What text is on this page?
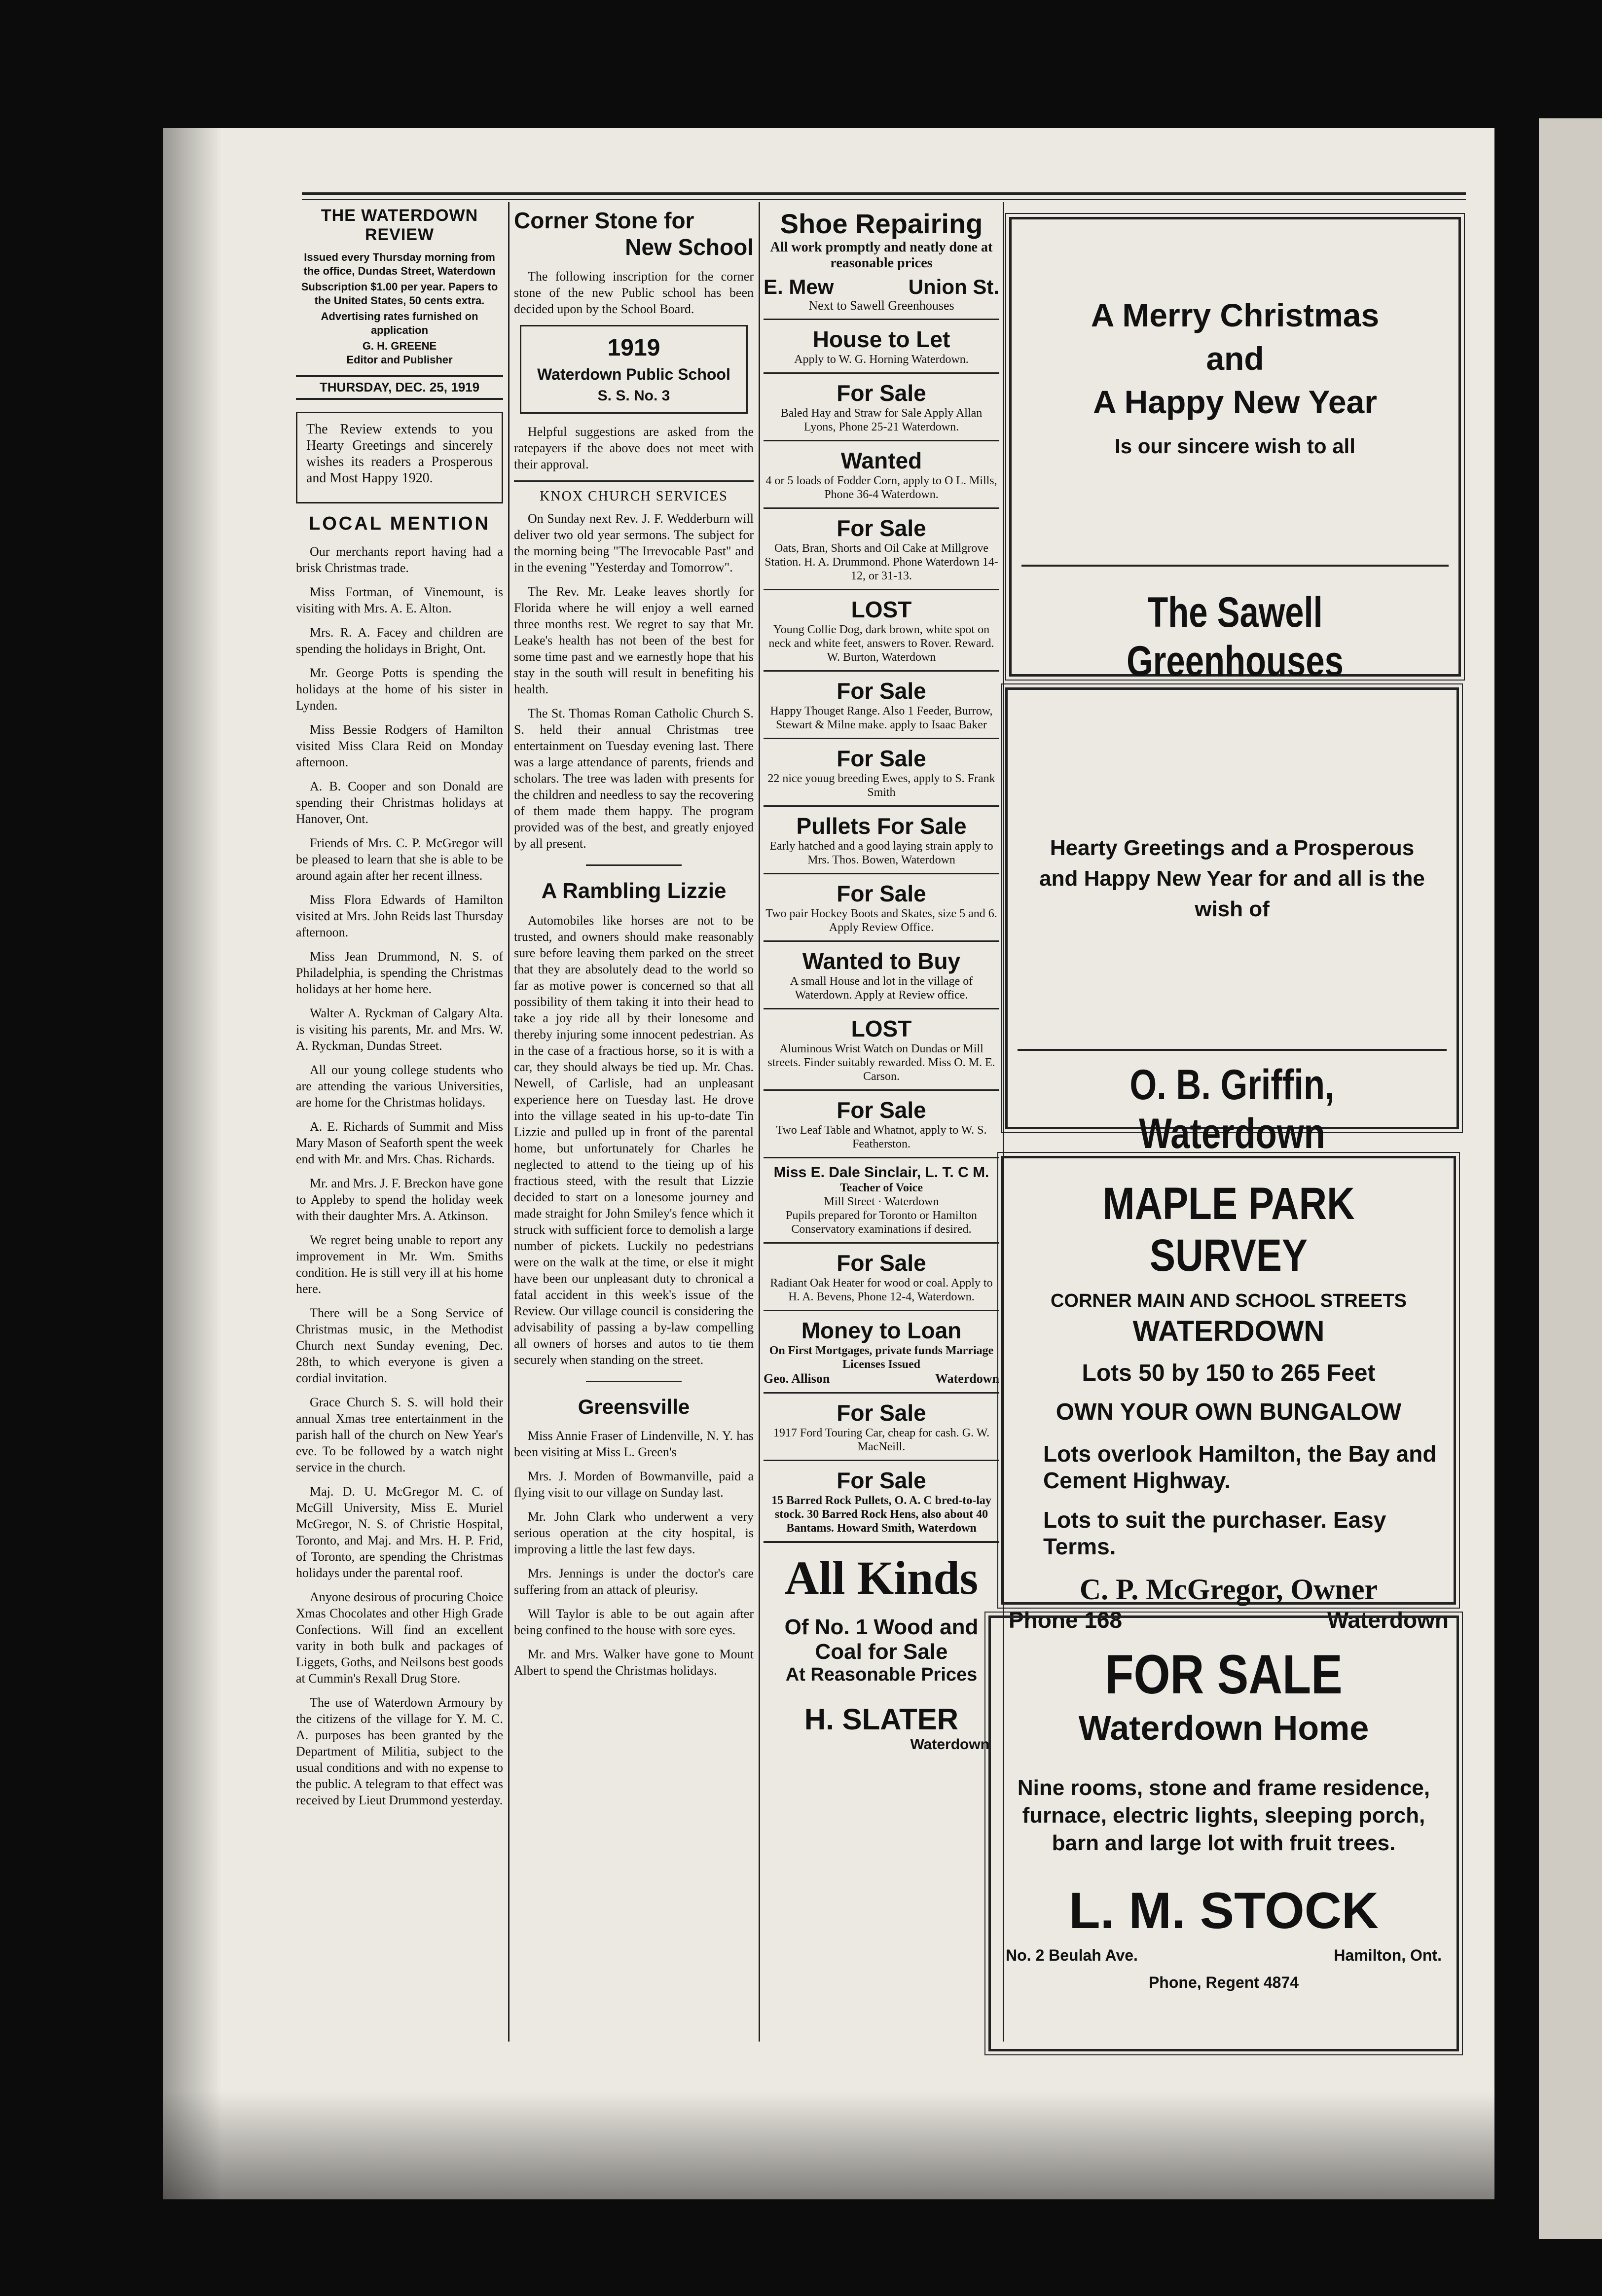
THE WATERDOWN REVIEW
Issued every Thursday morning from the office, Dundas Street, Waterdown
Subscription $1.00 per year. Papers to the United States, 50 cents extra.
Advertising rates furnished on application
G. H. GREENE
Editor and Publisher
THURSDAY, DEC. 25, 1919

The Review extends to you Hearty Greetings and sincerely wishes its readers a Prosperous and Most Happy 1920.

LOCAL MENTION

Our merchants report having had a brisk Christmas trade.

Miss Fortman, of Vinemount, is visiting with Mrs. A. E. Alton.

Mrs. R. A. Facey and children are spending the holidays in Bright, Ont.

Mr. George Potts is spending the holidays at the home of his sister in Lynden.

Miss Bessie Rodgers of Hamilton visited Miss Clara Reid on Monday afternoon.

A. B. Cooper and son Donald are spending their Christmas holidays at Hanover, Ont.

Friends of Mrs. C. P. McGregor will be pleased to learn that she is able to be around again after her recent illness.

Miss Flora Edwards of Hamilton visited at Mrs. John Reids last Thursday afternoon.

Miss Jean Drummond, N. S. of Philadelphia, is spending the Christmas holidays at her home here.

Walter A. Ryckman of Calgary Alta. is visiting his parents, Mr. and Mrs. W. A. Ryckman, Dundas Street.

All our young college students who are attending the various Universities, are home for the Christmas holidays.

A. E. Richards of Summit and Miss Mary Mason of Seaforth spent the week end with Mr. and Mrs. Chas. Richards.

Mr. and Mrs. J. F. Breckon have gone to Appleby to spend the holiday week with their daughter Mrs. A. Atkinson.

We regret being unable to report any improvement in Mr. Wm. Smiths condition. He is still very ill at his home here.

There will be a Song Service of Christmas music, in the Methodist Church next Sunday evening, Dec. 28th, to which everyone is given a cordial invitation.

Grace Church S. S. will hold their annual Xmas tree entertainment in the parish hall of the church on New Year's eve. To be followed by a watch night service in the church.

Maj. D. U. McGregor M. C. of McGill University, Miss E. Muriel McGregor, N. S. of Christie Hospital, Toronto, and Maj. and Mrs. H. P. Frid, of Toronto, are spending the Christmas holidays under the parental roof.

Anyone desirous of procuring Choice Xmas Chocolates and other High Grade Confections. Will find an excellent varity in both bulk and packages of Liggets, Goths, and Neilsons best goods at Cummin's Rexall Drug Store.

The use of Waterdown Armoury by the citizens of the village for Y. M. C. A. purposes has been granted by the Department of Militia, subject to the usual conditions and with no expense to the public. A telegram to that effect was received by Lieut Drummond yesterday.

Corner Stone for
New School

The following inscription for the corner stone of the new Public school has been decided upon by the School Board.

1919
Waterdown Public School
S. S. No. 3

Helpful suggestions are asked from the ratepayers if the above does not meet with their approval.

KNOX CHURCH SERVICES

On Sunday next Rev. J. F. Wedderburn will deliver two old year sermons. The subject for the morning being "The Irrevocable Past" and in the evening "Yesterday and Tomorrow".

The Rev. Mr. Leake leaves shortly for Florida where he will enjoy a well earned three months rest. We regret to say that Mr. Leake's health has not been of the best for some time past and we earnestly hope that his stay in the south will result in benefiting his health.

The St. Thomas Roman Catholic Church S. S. held their annual Christmas tree entertainment on Tuesday evening last. There was a large attendance of parents, friends and scholars. The tree was laden with presents for the children and needless to say the recovering of them made them happy. The program provided was of the best, and greatly enjoyed by all present.

A Rambling Lizzie

Automobiles like horses are not to be trusted, and owners should make reasonably sure before leaving them parked on the street that they are absolutely dead to the world so far as motive power is concerned so that all possibility of them taking it into their head to take a joy ride all by their lonesome and thereby injuring some innocent pedestrian. As in the case of a fractious horse, so it is with a car, they should always be tied up. Mr. Chas. Newell, of Carlisle, had an unpleasant experience here on Tuesday last. He drove into the village seated in his up-to-date Tin Lizzie and pulled up in front of the parental home, but unfortunately for Charles he neglected to attend to the tieing up of his fractious steed, with the result that Lizzie decided to start on a lonesome journey and made straight for John Smiley's fence which it struck with sufficient force to demolish a large number of pickets. Luckily no pedestrians were on the walk at the time, or else it might have been our unpleasant duty to chronical a fatal accident in this week's issue of the Review. Our village council is considering the advisability of passing a by-law compelling all owners of horses and autos to tie them securely when standing on the street.

Greensville

Miss Annie Fraser of Lindenville, N. Y. has been visiting at Miss L. Green's

Mrs. J. Morden of Bowmanville, paid a flying visit to our village on Sunday last.

Mr. John Clark who underwent a very serious operation at the city hospital, is improving a little the last few days.

Mrs. Jennings is under the doctor's care suffering from an attack of pleurisy.

Will Taylor is able to be out again after being confined to the house with sore eyes.

Mr. and Mrs. Walker have gone to Mount Albert to spend the Christmas holidays.

Shoe Repairing

All work promptly and neatly done at reasonable prices

E. Mew	Union St.

Next to Sawell Greenhouses

House to Let

Apply to W. G. Horning Waterdown.

For Sale

Baled Hay and Straw for Sale Apply Allan Lyons, Phone 25-21 Waterdown.

Wanted

4 or 5 loads of Fodder Corn, apply to O L. Mills, Phone 36-4 Waterdown.

For Sale

Oats, Bran, Shorts and Oil Cake at Millgrove Station. H. A. Drummond. Phone Waterdown 14-12, or 31-13.

LOST

Young Collie Dog, dark brown, white spot on neck and white feet, answers to Rover. Reward. W. Burton, Waterdown

For Sale

Happy Thouget Range. Also 1 Feeder, Burrow, Stewart & Milne make. apply to Isaac Baker

For Sale

22 nice youug breeding Ewes, apply to S. Frank Smith

Pullets For Sale

Early hatched and a good laying strain apply to Mrs. Thos. Bowen, Waterdown

For Sale

Two pair Hockey Boots and Skates, size 5 and 6. Apply Review Office.

Wanted to Buy

A small House and lot in the village of Waterdown. Apply at Review office.

LOST

Aluminous Wrist Watch on Dundas or Mill streets. Finder suitably rewarded. Miss O. M. E. Carson.

For Sale

Two Leaf Table and Whatnot, apply to W. S. Featherston.

Miss E. Dale Sinclair, L. T. C M.

Teacher of Voice

Mill Street · Waterdown

Pupils prepared for Toronto or Hamilton Conservatory examinations if desired.

For Sale

Radiant Oak Heater for wood or coal. Apply to H. A. Bevens, Phone 12-4, Waterdown.

Money to Loan

On First Mortgages, private funds Marriage Licenses Issued

Geo. Allison	Waterdown
For Sale

1917 Ford Touring Car, cheap for cash. G. W. MacNeill.

For Sale

15 Barred Rock Pullets, O. A. C bred-to-lay stock. 30 Barred Rock Hens, also about 40 Bantams. Howard Smith, Waterdown

All Kinds
Of No. 1 Wood and
Coal for Sale
At Reasonable Prices
H. SLATER
Waterdown
A Merry Christmas
and
A Happy New Year
Is our sincere wish to all
The Sawell Greenhouses
Hearty Greetings and a Prosperous and Happy New Year for and all is the wish of
O. B. Griffin, Waterdown
MAPLE PARK SURVEY
CORNER MAIN AND SCHOOL STREETS
WATERDOWN
Lots 50 by 150 to 265 Feet
OWN YOUR OWN BUNGALOW
Lots overlook Hamilton, the Bay and Cement Highway.
Lots to suit the purchaser. Easy Terms.
C. P. McGregor, Owner
Phone 168	Waterdown
FOR SALE
Waterdown Home
Nine rooms, stone and frame residence, furnace, electric lights, sleeping porch, barn and large lot with fruit trees.
L. M. STOCK
No. 2 Beulah Ave.	Hamilton, Ont.
Phone, Regent 4874
